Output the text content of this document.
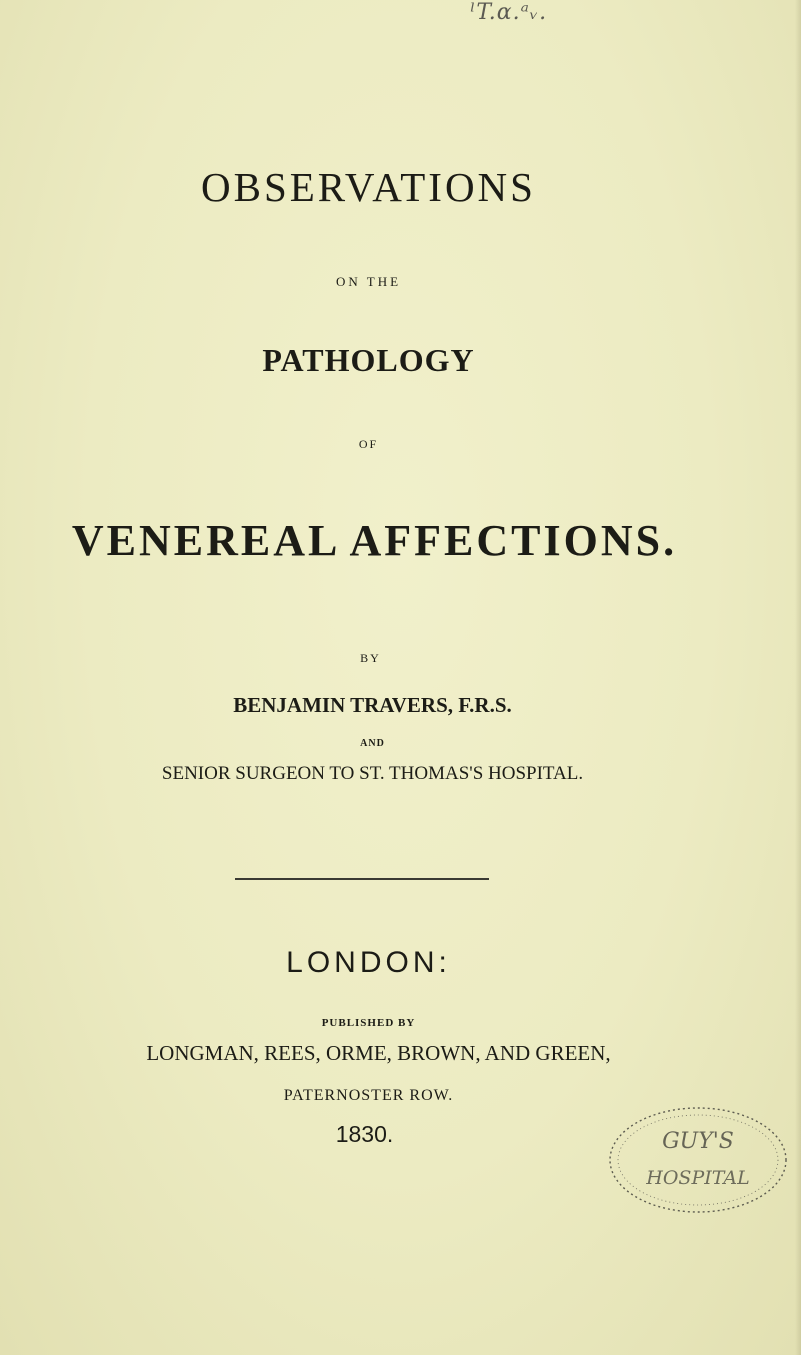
ˡT.α.ᵃᵥ.
OBSERVATIONS
ON THE
PATHOLOGY
OF
VENEREAL AFFECTIONS.
BY
BENJAMIN TRAVERS, F.R.S.
AND
SENIOR SURGEON TO ST. THOMAS'S HOSPITAL.
LONDON:
PUBLISHED BY
LONGMAN, REES, ORME, BROWN, AND GREEN,
PATERNOSTER ROW.
1830.	GUY'S
HOSPITAL
